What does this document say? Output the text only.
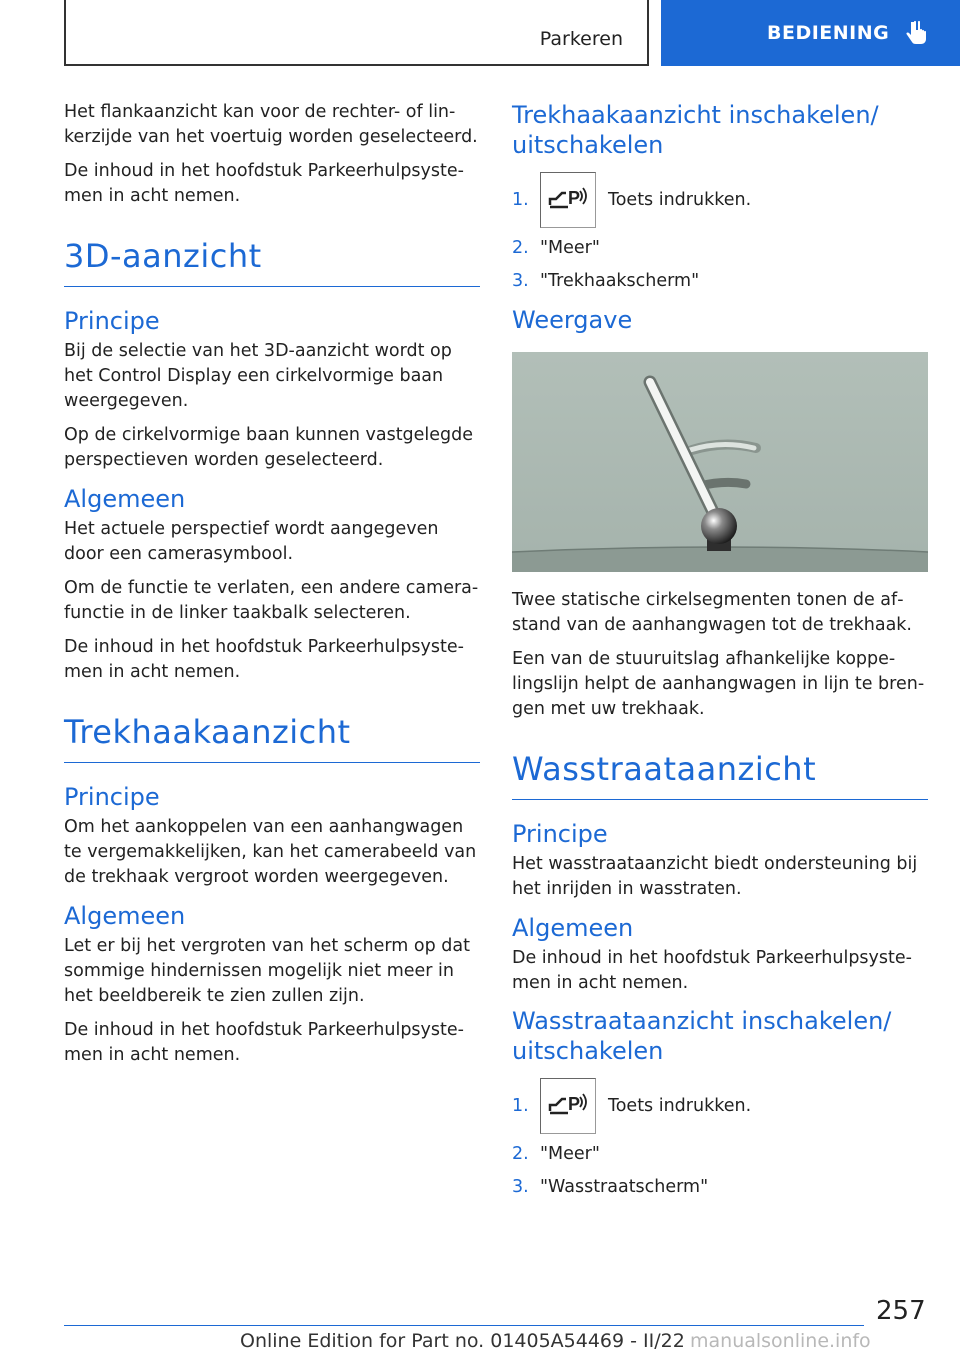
Parkeren	BEDIENING

Het flankaanzicht kan voor de rechter- of linkerzijde van het voertuig worden geselecteerd.

De inhoud in het hoofdstuk Parkeerhulpsystemen in acht nemen.

3D-aanzicht
Principe

Bij de selectie van het 3D-aanzicht wordt op het Control Display een cirkelvormige baan weergegeven.

Op de cirkelvormige baan kunnen vastgelegde perspectieven worden geselecteerd.

Algemeen

Het actuele perspectief wordt aangegeven door een camerasymbool.

Om de functie te verlaten, een andere camerafunctie in de linker taakbalk selecteren.

De inhoud in het hoofdstuk Parkeerhulpsystemen in acht nemen.

Trekhaakaanzicht
Principe

Om het aankoppelen van een aanhangwagen te vergemakkelijken, kan het camerabeeld van de trekhaak vergroot worden weergegeven.

Algemeen

Let er bij het vergroten van het scherm op dat sommige hindernissen mogelijk niet meer in het beeldbereik te zien zullen zijn.

De inhoud in het hoofdstuk Parkeerhulpsystemen in acht nemen.

Trekhaakaanzicht inschakelen/ uitschakelen
1.	P Toets indrukken.
2. "Meer"
3. "Trekhaakscherm"
Weergave

Twee statische cirkelsegmenten tonen de afstand van de aanhangwagen tot de trekhaak.

Een van de stuuruitslag afhankelijke koppelingslijn helpt de aanhangwagen in lijn te brengen met uw trekhaak.

Wasstraataanzicht
Principe

Het wasstraataanzicht biedt ondersteuning bij het inrijden in wasstraten.

Algemeen

De inhoud in het hoofdstuk Parkeerhulpsystemen in acht nemen.

Wasstraataanzicht inschakelen/ uitschakelen
1.	P Toets indrukken.
2. "Meer"
3. "Wasstraatscherm"
257
Online Edition for Part no. 01405A54469 - II/22 manualsonline.info
